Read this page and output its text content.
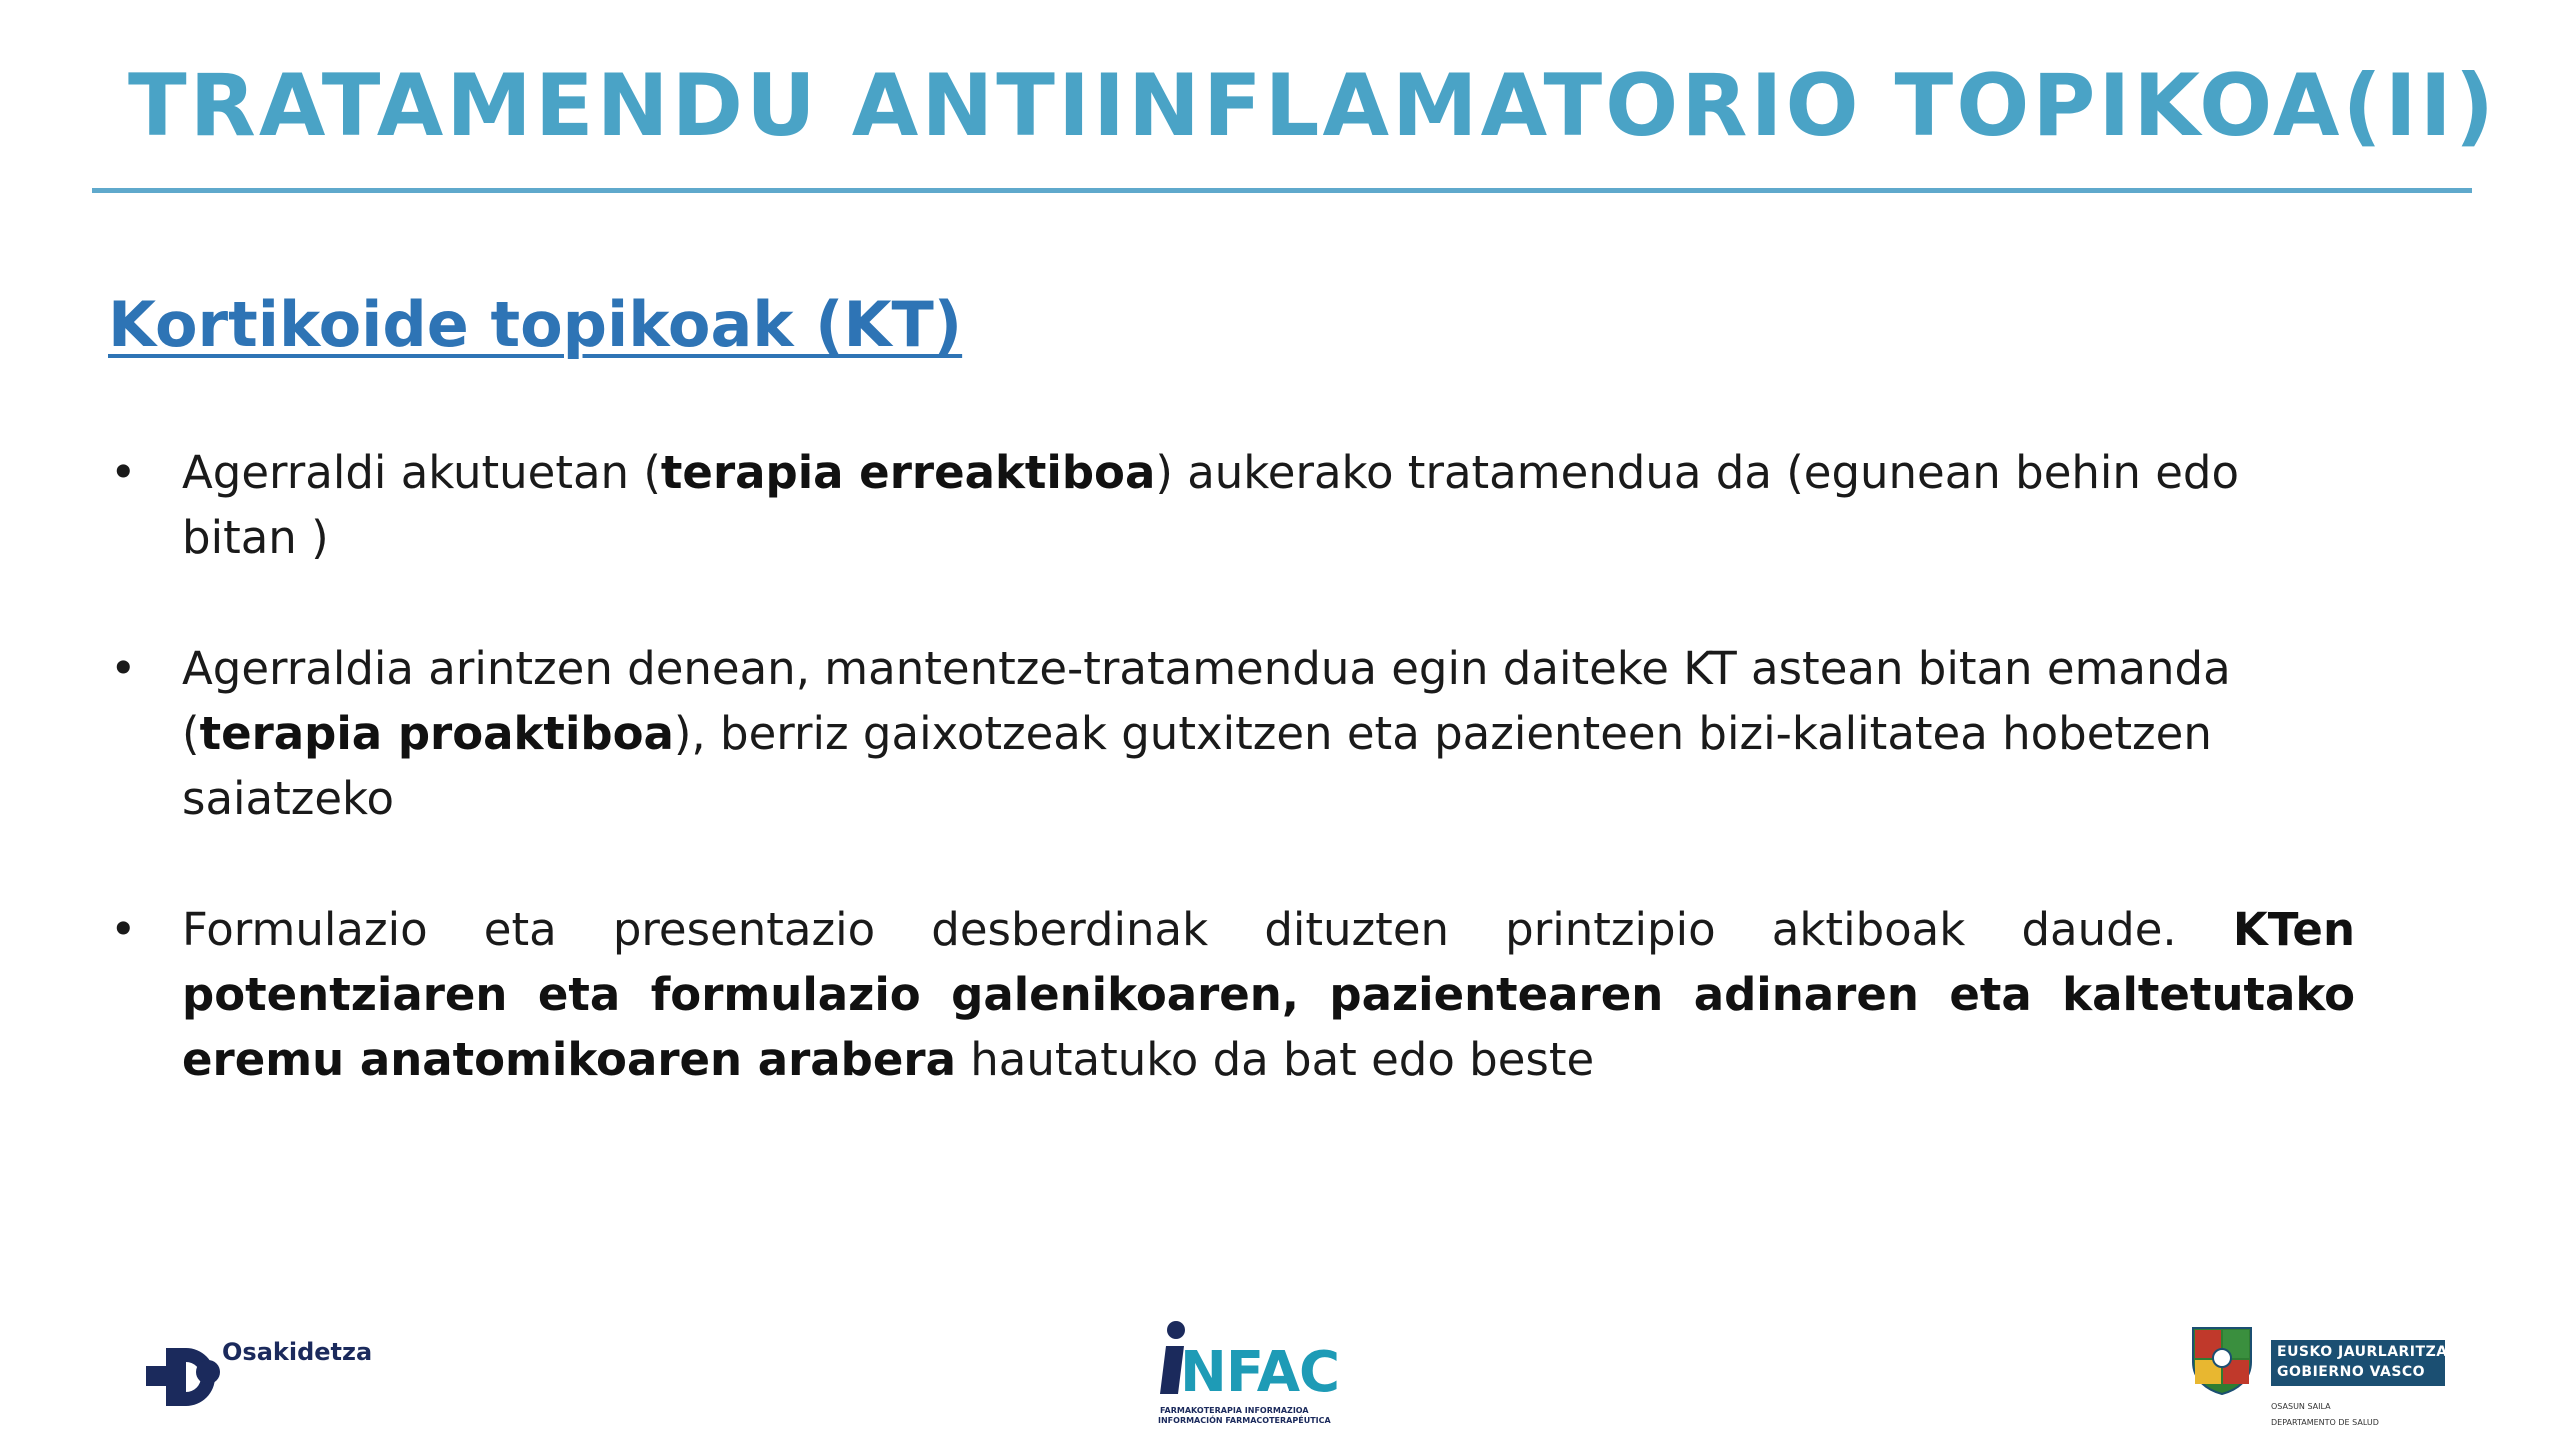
TRATAMENDU ANTIINFLAMATORIO TOPIKOA(II)
Kortikoide topikoak (KT)
• Agerraldi akutuetan (terapia erreaktiboa) aukerako tratamendua da (egunean behin edo bitan )
• Agerraldia arintzen denean, mantentze-tratamendua egin daiteke KT astean bitan emanda (terapia proaktiboa), berriz gaixotzeak gutxitzen eta pazienteen bizi-kalitatea hobetzen saiatzeko
• Formulazio eta presentazio desberdinak dituzten printzipio aktiboak daude. KTen potentziaren eta formulazio galenikoaren, pazientearen adinaren eta kaltetutako eremu anatomikoaren arabera hautatuko da bat edo beste
Osakidetza	NFAC
FARMAKOTERAPIA INFORMAZIOA
INFORMACIÓN FARMACOTERAPÉUTICA
EUSKO JAURLARITZA
GOBIERNO VASCO
OSASUN SAILA
DEPARTAMENTO DE SALUD
